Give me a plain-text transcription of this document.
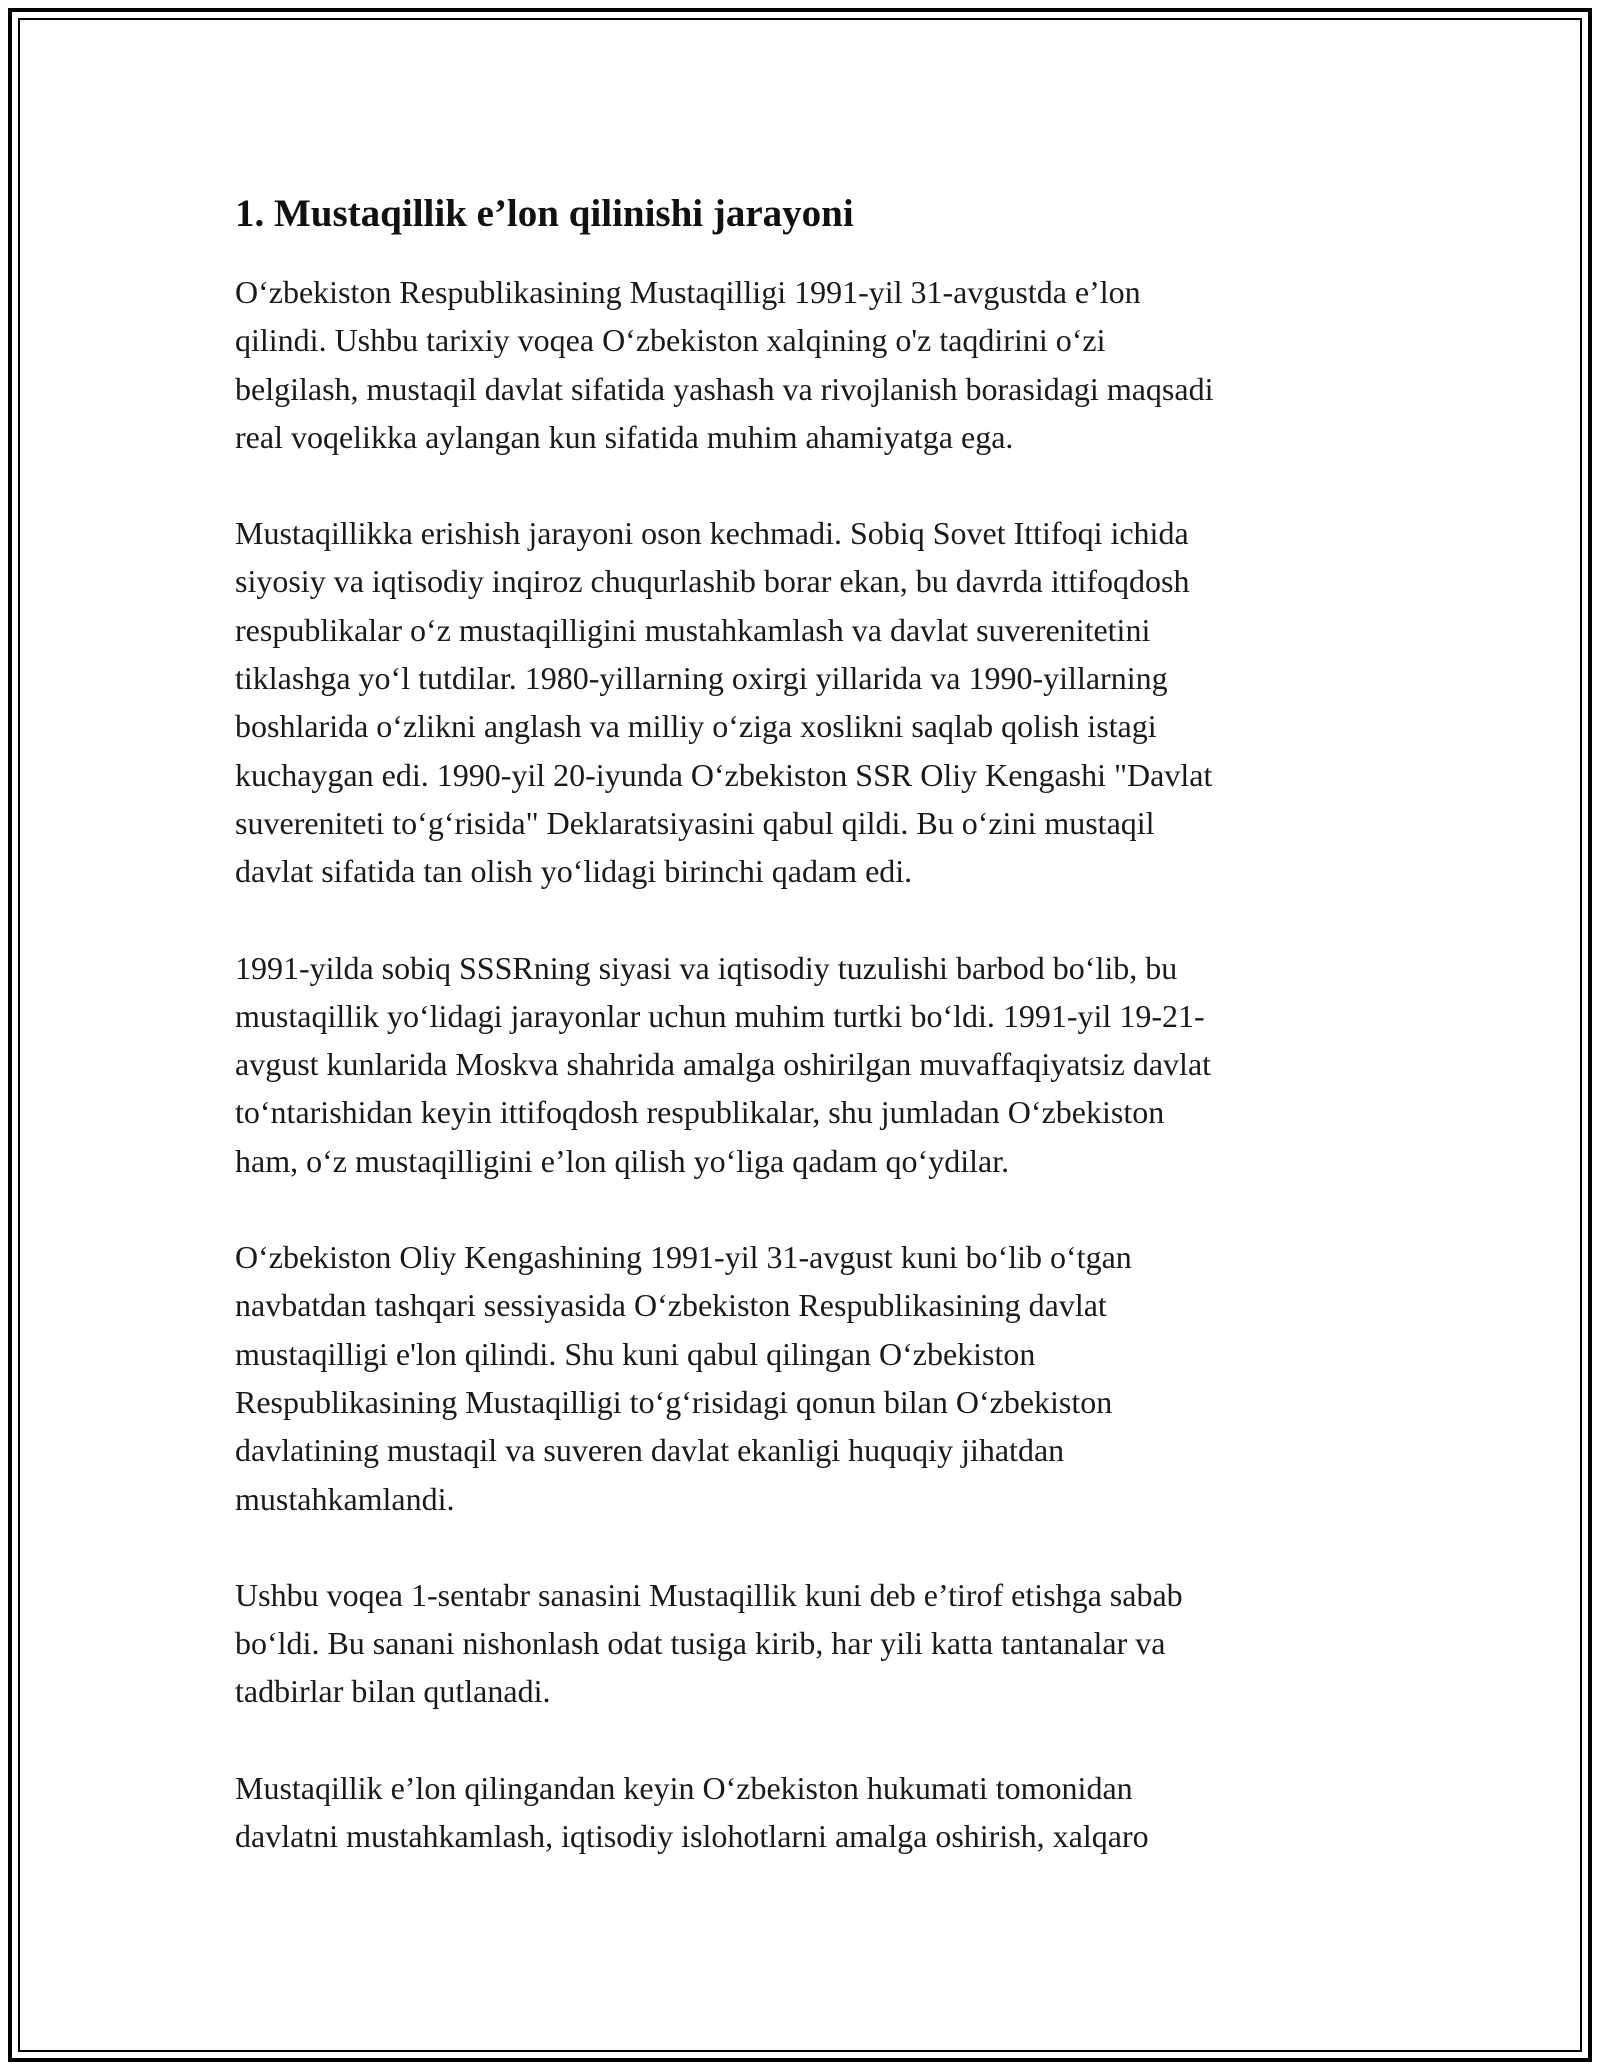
1. Mustaqillik e’lon qilinishi jarayoni

O‘zbekiston Respublikasining Mustaqilligi 1991-yil 31-avgustda e’lon
qilindi. Ushbu tarixiy voqea O‘zbekiston xalqining o'z taqdirini o‘zi
belgilash, mustaqil davlat sifatida yashash va rivojlanish borasidagi maqsadi
real voqelikka aylangan kun sifatida muhim ahamiyatga ega.

Mustaqillikka erishish jarayoni oson kechmadi. Sobiq Sovet Ittifoqi ichida
siyosiy va iqtisodiy inqiroz chuqurlashib borar ekan, bu davrda ittifoqdosh
respublikalar o‘z mustaqilligini mustahkamlash va davlat suverenitetini
tiklashga yo‘l tutdilar. 1980-yillarning oxirgi yillarida va 1990-yillarning
boshlarida o‘zlikni anglash va milliy o‘ziga xoslikni saqlab qolish istagi
kuchaygan edi. 1990-yil 20-iyunda O‘zbekiston SSR Oliy Kengashi "Davlat
suvereniteti to‘g‘risida" Deklaratsiyasini qabul qildi. Bu o‘zini mustaqil
davlat sifatida tan olish yo‘lidagi birinchi qadam edi.

1991-yilda sobiq SSSRning siyasi va iqtisodiy tuzulishi barbod bo‘lib, bu
mustaqillik yo‘lidagi jarayonlar uchun muhim turtki bo‘ldi. 1991-yil 19-21-
avgust kunlarida Moskva shahrida amalga oshirilgan muvaffaqiyatsiz davlat
to‘ntarishidan keyin ittifoqdosh respublikalar, shu jumladan O‘zbekiston
ham, o‘z mustaqilligini e’lon qilish yo‘liga qadam qo‘ydilar.

O‘zbekiston Oliy Kengashining 1991-yil 31-avgust kuni bo‘lib o‘tgan
navbatdan tashqari sessiyasida O‘zbekiston Respublikasining davlat
mustaqilligi e'lon qilindi. Shu kuni qabul qilingan O‘zbekiston
Respublikasining Mustaqilligi to‘g‘risidagi qonun bilan O‘zbekiston
davlatining mustaqil va suveren davlat ekanligi huquqiy jihatdan
mustahkamlandi.

Ushbu voqea 1-sentabr sanasini Mustaqillik kuni deb e’tirof etishga sabab
bo‘ldi. Bu sanani nishonlash odat tusiga kirib, har yili katta tantanalar va
tadbirlar bilan qutlanadi.

Mustaqillik e’lon qilingandan keyin O‘zbekiston hukumati tomonidan
davlatni mustahkamlash, iqtisodiy islohotlarni amalga oshirish, xalqaro
